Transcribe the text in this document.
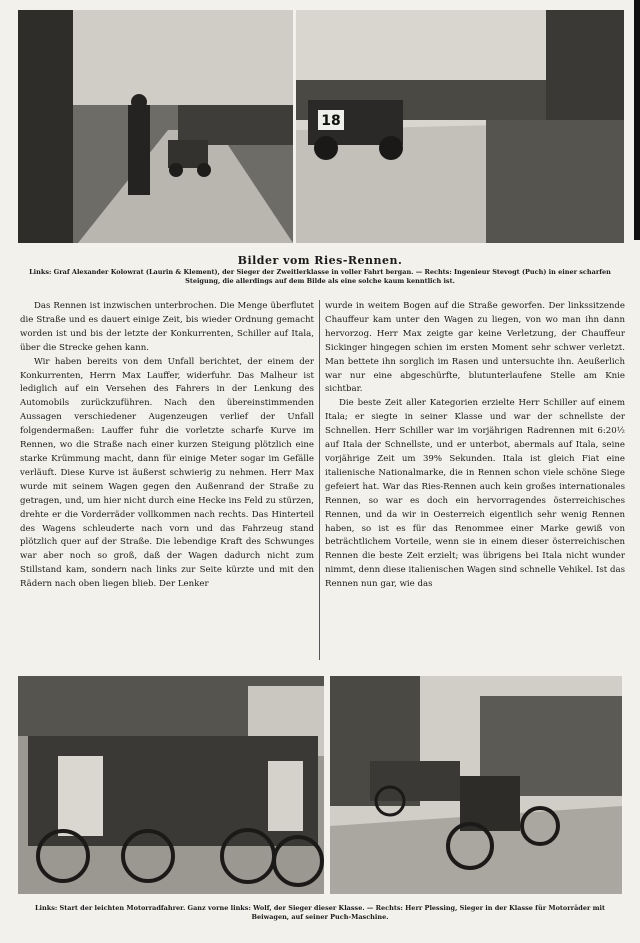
18
Bilder vom Ries-Rennen.
Links: Graf Alexander Kolowrat (Laurin & Klement), der Sieger der Zweitlerklasse in voller Fahrt bergan. — Rechts: Ingenieur Stevogt (Puch) in einer scharfen Steigung, die allerdings auf dem Bilde als eine solche kaum kenntlich ist.

Das Rennen ist inzwischen unterbrochen. Die Menge überflutet die Straße und es dauert einige Zeit, bis wieder Ordnung gemacht worden ist und bis der letzte der Konkurrenten, Schiller auf Itala, über die Strecke gehen kann.

Wir haben bereits von dem Unfall berichtet, der einem der Konkurrenten, Herrn Max Lauffer, widerfuhr. Das Malheur ist lediglich auf ein Versehen des Fahrers in der Lenkung des Automobils zurückzuführen. Nach den übereinstimmenden Aussagen verschiedener Augenzeugen verlief der Unfall folgendermaßen: Lauffer fuhr die vorletzte scharfe Kurve im Rennen, wo die Straße nach einer kurzen Steigung plötzlich eine starke Krümmung macht, dann für einige Meter sogar im Gefälle verläuft. Diese Kurve ist äußerst schwierig zu nehmen. Herr Max wurde mit seinem Wagen gegen den Außenrand der Straße zu getragen, und, um hier nicht durch eine Hecke ins Feld zu stürzen, drehte er die Vorderräder vollkommen nach rechts. Das Hinterteil des Wagens schleuderte nach vorn und das Fahrzeug stand plötzlich quer auf der Straße. Die lebendige Kraft des Schwunges war aber noch so groß, daß der Wagen dadurch nicht zum Stillstand kam, sondern nach links zur Seite kürzte und mit den Rädern nach oben liegen blieb. Der Lenker

wurde in weitem Bogen auf die Straße geworfen. Der linkssitzende Chauffeur kam unter den Wagen zu liegen, von wo man ihn dann hervorzog. Herr Max zeigte gar keine Verletzung, der Chauffeur Sickinger hingegen schien im ersten Moment sehr schwer verletzt. Man bettete ihn sorglich im Rasen und untersuchte ihn. Aeußerlich war nur eine abgeschürfte, blutunterlaufene Stelle am Knie sichtbar.

Die beste Zeit aller Kategorien erzielte Herr Schiller auf einem Itala; er siegte in seiner Klasse und war der schnellste der Schnellen. Herr Schiller war im vorjährigen Radrennen mit 6:20½ auf Itala der Schnellste, und er unterbot, abermals auf Itala, seine vorjährige Zeit um 39% Sekunden. Itala ist gleich Fiat eine italienische Nationalmarke, die in Rennen schon viele schöne Siege gefeiert hat. War das Ries-Rennen auch kein großes internationales Rennen, so war es doch ein hervorragendes österreichisches Rennen, und da wir in Oesterreich eigentlich sehr wenig Rennen haben, so ist es für das Renommee einer Marke gewiß von beträchtlichem Vorteile, wenn sie in einem dieser österreichischen Rennen die beste Zeit erzielt; was übrigens bei Itala nicht wunder nimmt, denn diese italienischen Wagen sind schnelle Vehikel. Ist das Rennen nun gar, wie das

Links: Start der leichten Motorradfahrer. Ganz vorne links: Wolf, der Sieger dieser Klasse. — Rechts: Herr Plessing, Sieger in der Klasse für Motorräder mit Beiwagen, auf seiner Puch-Maschine.
